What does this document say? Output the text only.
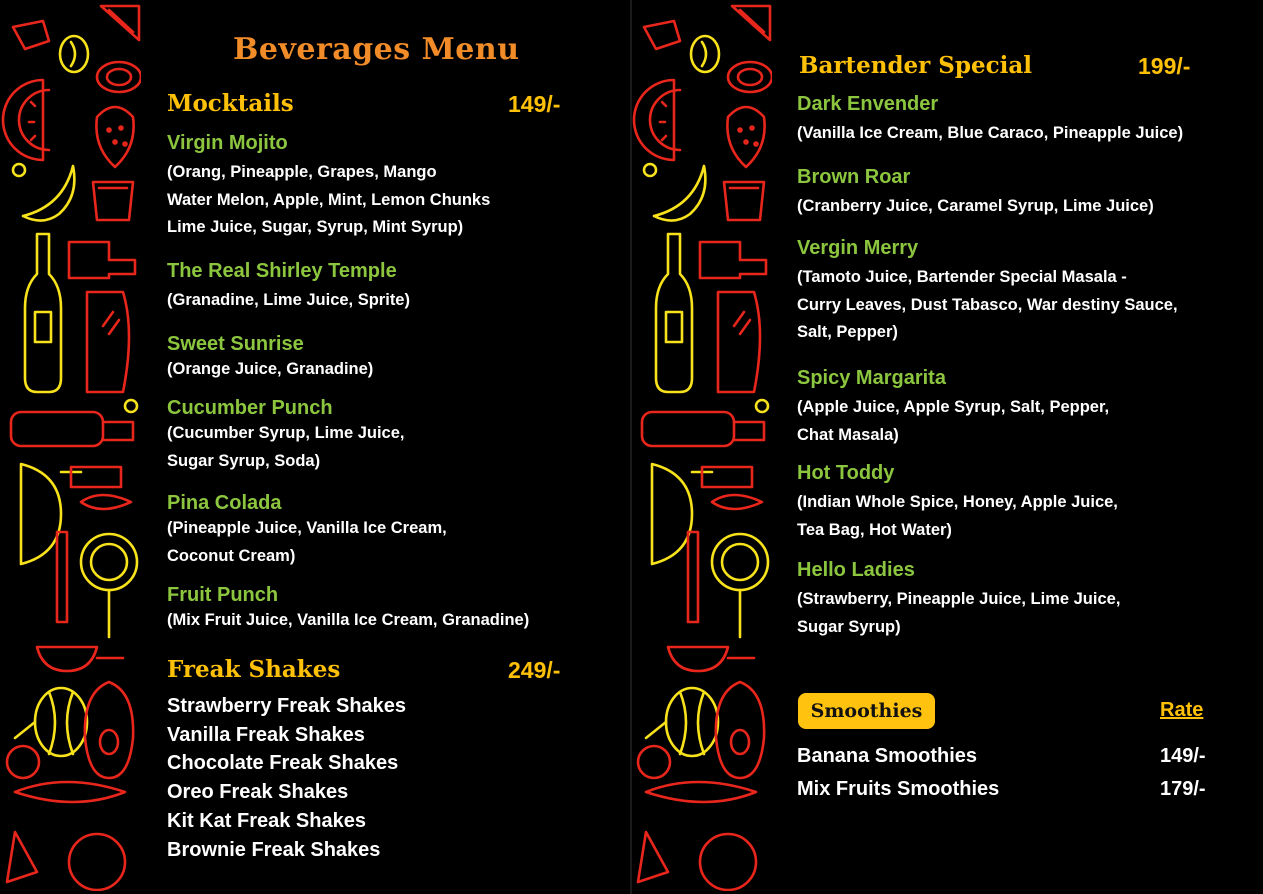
Beverages Menu
Mocktails	149/-
Virgin Mojito
(Orang, Pineapple, Grapes, Mango
Water Melon, Apple, Mint, Lemon Chunks
Lime Juice, Sugar, Syrup, Mint Syrup)
The Real Shirley Temple
(Granadine, Lime Juice, Sprite)
Sweet Sunrise
(Orange Juice, Granadine)
Cucumber Punch
(Cucumber Syrup, Lime Juice,
Sugar Syrup, Soda)
Pina Colada
(Pineapple Juice, Vanilla Ice Cream,
Coconut Cream)
Fruit Punch
(Mix Fruit Juice, Vanilla Ice Cream, Granadine)
Freak Shakes	249/-
Strawberry Freak Shakes
Vanilla Freak Shakes
Chocolate Freak Shakes
Oreo Freak Shakes
Kit Kat Freak Shakes
Brownie Freak Shakes
Bartender Special	199/-
Dark Envender
(Vanilla Ice Cream, Blue Caraco, Pineapple Juice)
Brown Roar
(Cranberry Juice, Caramel Syrup, Lime Juice)
Vergin Merry
(Tamoto Juice, Bartender Special Masala -
Curry Leaves, Dust Tabasco, War destiny Sauce,
Salt, Pepper)
Spicy Margarita
(Apple Juice, Apple Syrup, Salt, Pepper,
Chat Masala)
Hot Toddy
(Indian Whole Spice, Honey, Apple Juice,
Tea Bag, Hot Water)
Hello Ladies
(Strawberry, Pineapple Juice, Lime Juice,
Sugar Syrup)
Smoothies	Rate
Banana Smoothies	149/-
Mix Fruits Smoothies	179/-
